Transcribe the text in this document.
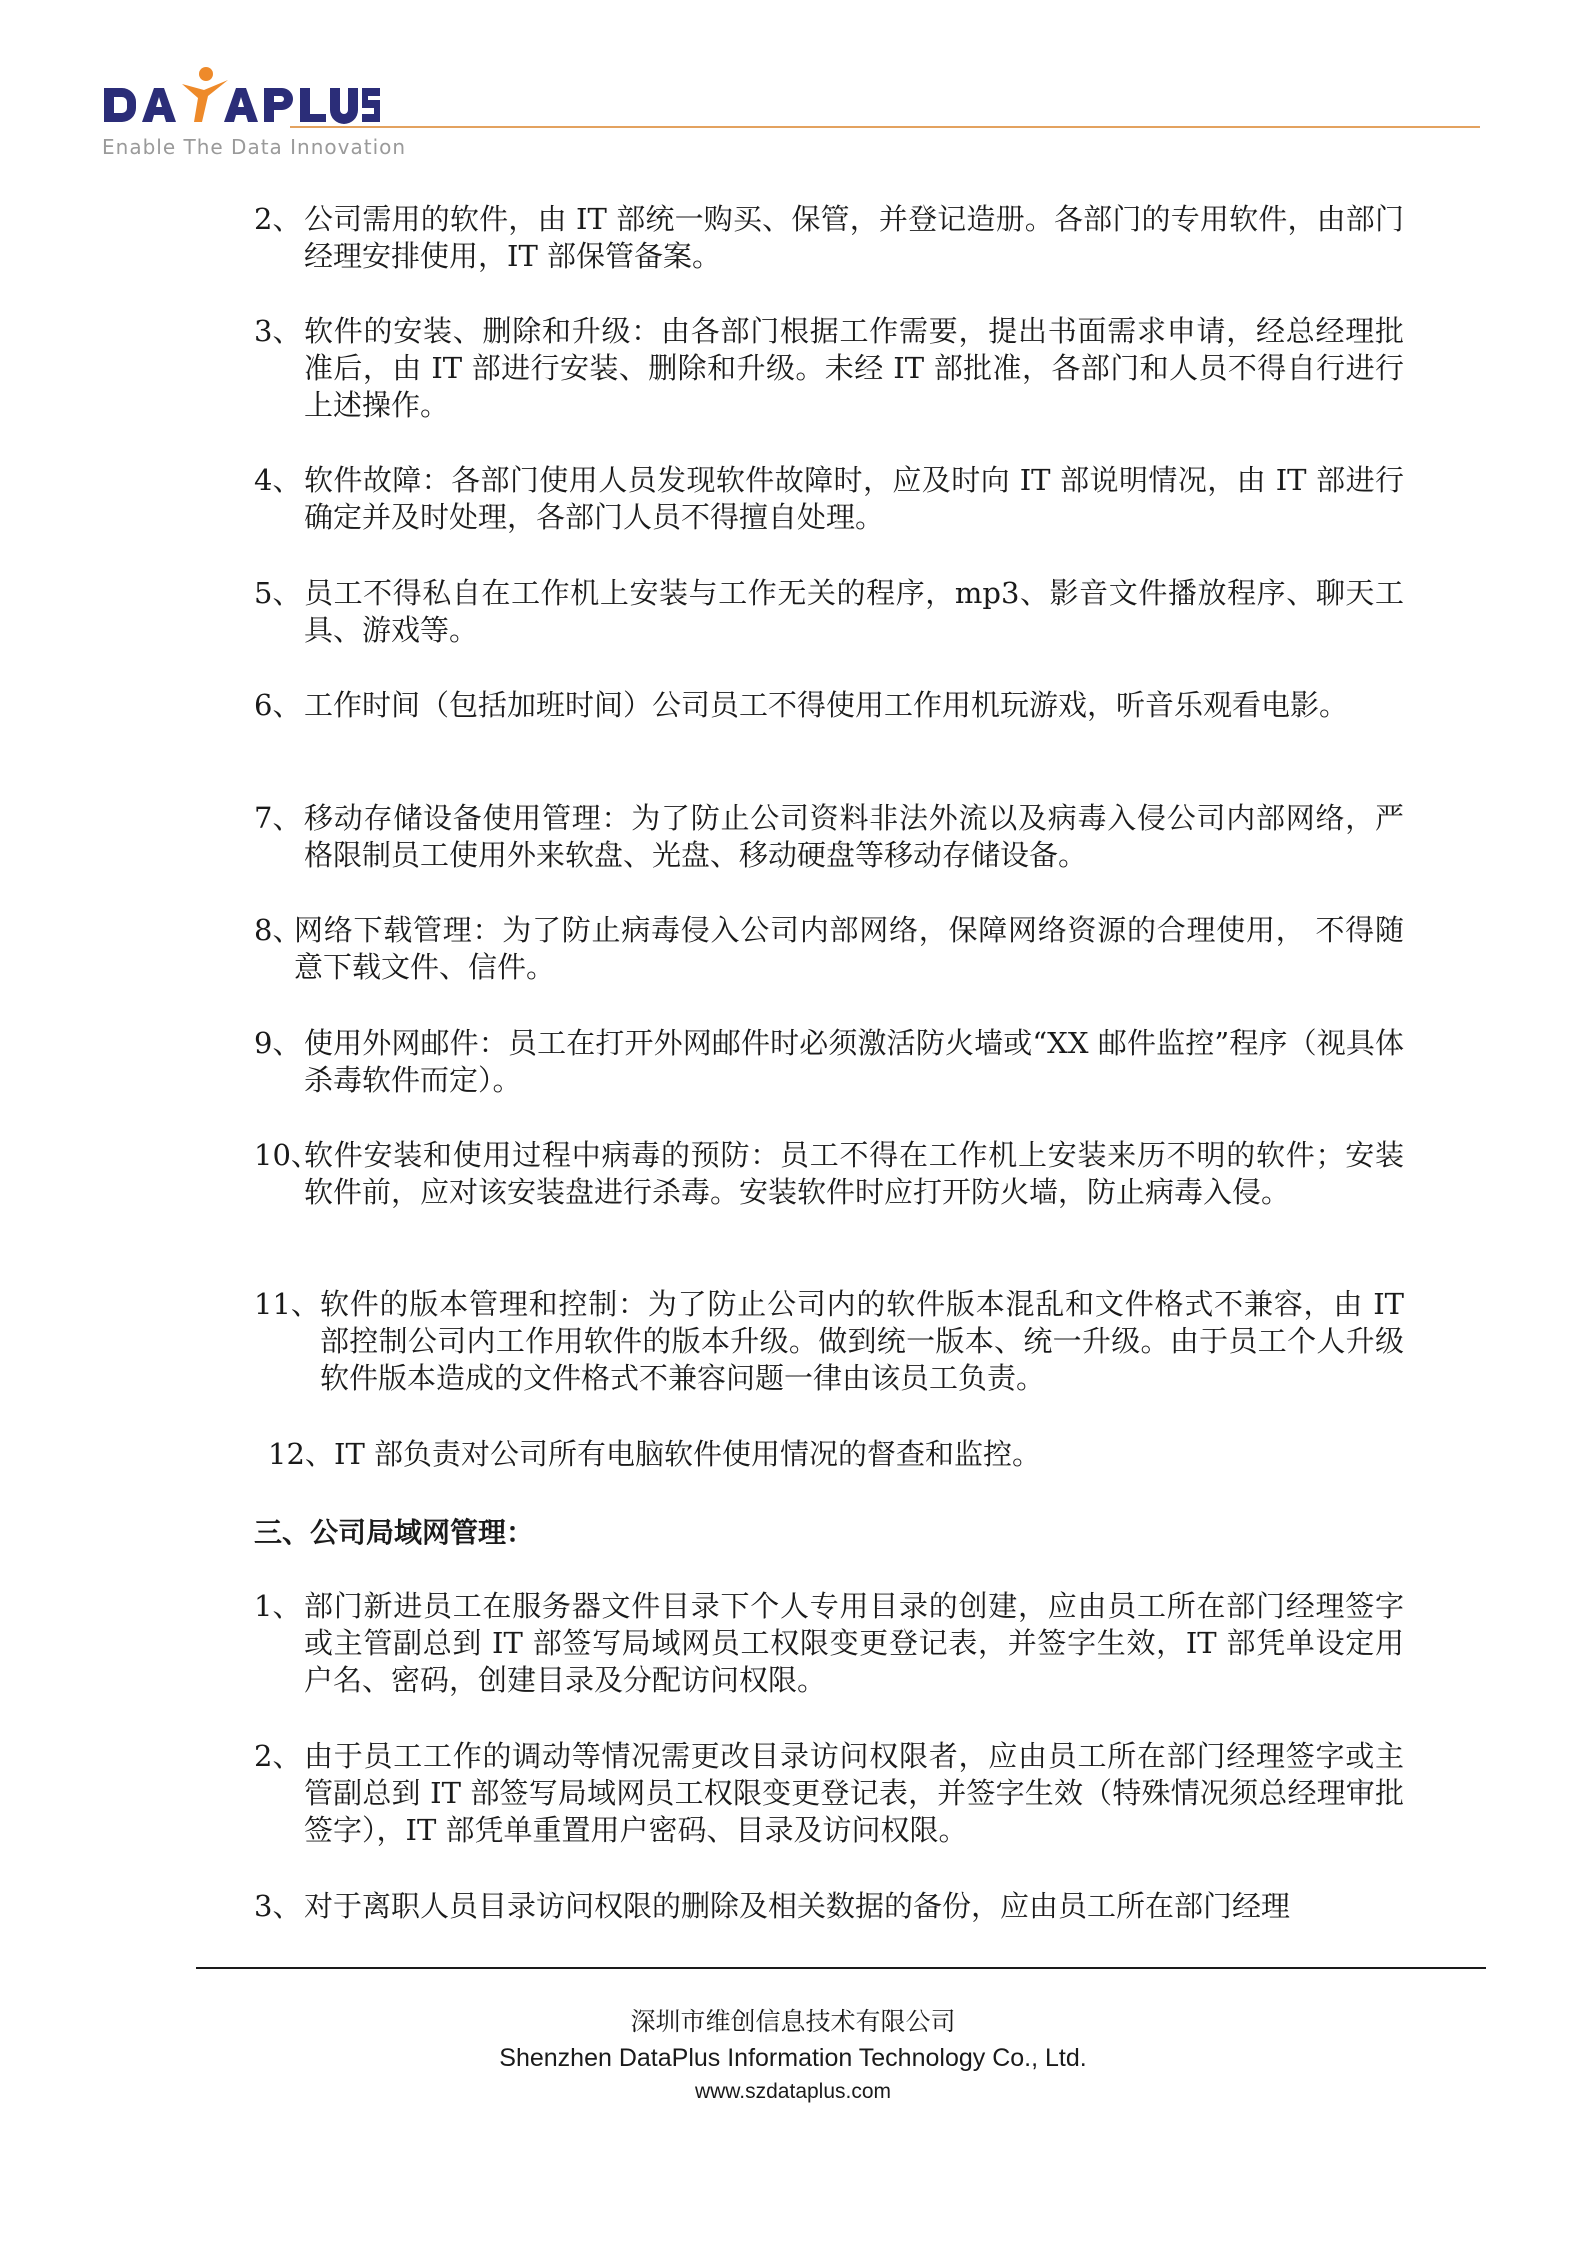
Enable The Data Innovation
2、 公司需用的软件，由 IT 部统一购买、保管，并登记造册。各部门的专用软件，由部门经理安排使用，IT 部保管备案。
3、 软件的安装、删除和升级：由各部门根据工作需要，提出书面需求申请，经总经理批准后，由 IT 部进行安装、删除和升级。未经 IT 部批准，各部门和人员不得自行进行上述操作。
4、 软件故障：各部门使用人员发现软件故障时，应及时向 IT 部说明情况，由 IT 部进行确定并及时处理，各部门人员不得擅自处理。
5、 员工不得私自在工作机上安装与工作无关的程序，mp3、影音文件播放程序、聊天工具、游戏等。
6、 工作时间（包括加班时间）公司员工不得使用工作用机玩游戏，听音乐观看电影。
7、 移动存储设备使用管理：为了防止公司资料非法外流以及病毒入侵公司内部网络，严格限制员工使用外来软盘、光盘、移动硬盘等移动存储设备。
8、
网络下载管理：为了防止病毒侵入公司内部网络，保障网络资源的合理使用， 不得随意下载文件、信件。
9、 使用外网邮件：员工在打开外网邮件时必须激活防火墙或“XX 邮件监控”程序（视具体杀毒软件而定）。
10、
软件安装和使用过程中病毒的预防：员工不得在工作机上安装来历不明的软件；安装软件前，应对该安装盘进行杀毒。安装软件时应打开防火墙，防止病毒入侵。
11、 软件的版本管理和控制：为了防止公司内的软件版本混乱和文件格式不兼容，由 IT 部控制公司内工作用软件的版本升级。做到统一版本、统一升级。由于员工个人升级软件版本造成的文件格式不兼容问题一律由该员工负责。
12、 IT 部负责对公司所有电脑软件使用情况的督查和监控。
三、公司局域网管理：
1、 部门新进员工在服务器文件目录下个人专用目录的创建，应由员工所在部门经理签字或主管副总到 IT 部签写局域网员工权限变更登记表，并签字生效，IT 部凭单设定用户名、密码，创建目录及分配访问权限。
2、 由于员工工作的调动等情况需更改目录访问权限者，应由员工所在部门经理签字或主管副总到 IT 部签写局域网员工权限变更登记表，并签字生效（特殊情况须总经理审批签字），IT 部凭单重置用户密码、目录及访问权限。
3、 对于离职人员目录访问权限的删除及相关数据的备份，应由员工所在部门经理
深圳市维创信息技术有限公司
Shenzhen DataPlus Information Technology Co., Ltd.
www.szdataplus.com
